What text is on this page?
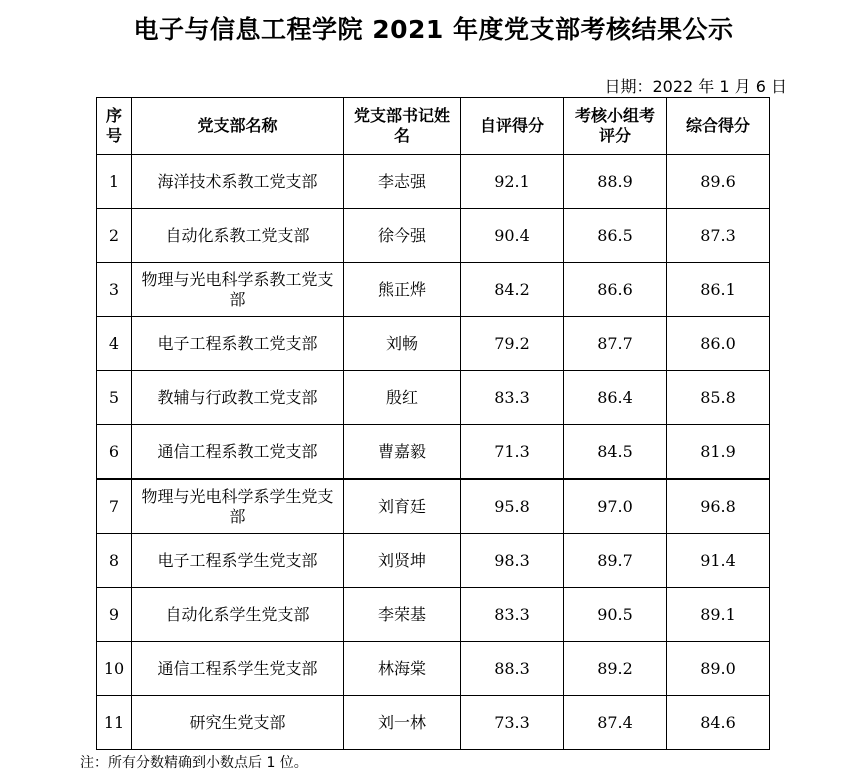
电子与信息工程学院 2021 年度党支部考核结果公示
日期：2022 年 1 月 6 日
序号	党支部名称	党支部书记姓名	自评得分	考核小组考评分	综合得分
1	海洋技术系教工党支部	李志强	92.1	88.9	89.6
2	自动化系教工党支部	徐今强	90.4	86.5	87.3
3	物理与光电科学系教工党支部	熊正烨	84.2	86.6	86.1
4	电子工程系教工党支部	刘畅	79.2	87.7	86.0
5	教辅与行政教工党支部	殷红	83.3	86.4	85.8
6	通信工程系教工党支部	曹嘉毅	71.3	84.5	81.9
7	物理与光电科学系学生党支部	刘育廷	95.8	97.0	96.8
8	电子工程系学生党支部	刘贤坤	98.3	89.7	91.4
9	自动化系学生党支部	李荣基	83.3	90.5	89.1
10	通信工程系学生党支部	林海棠	88.3	89.2	89.0
11	研究生党支部	刘一林	73.3	87.4	84.6
注：所有分数精确到小数点后 1 位。
